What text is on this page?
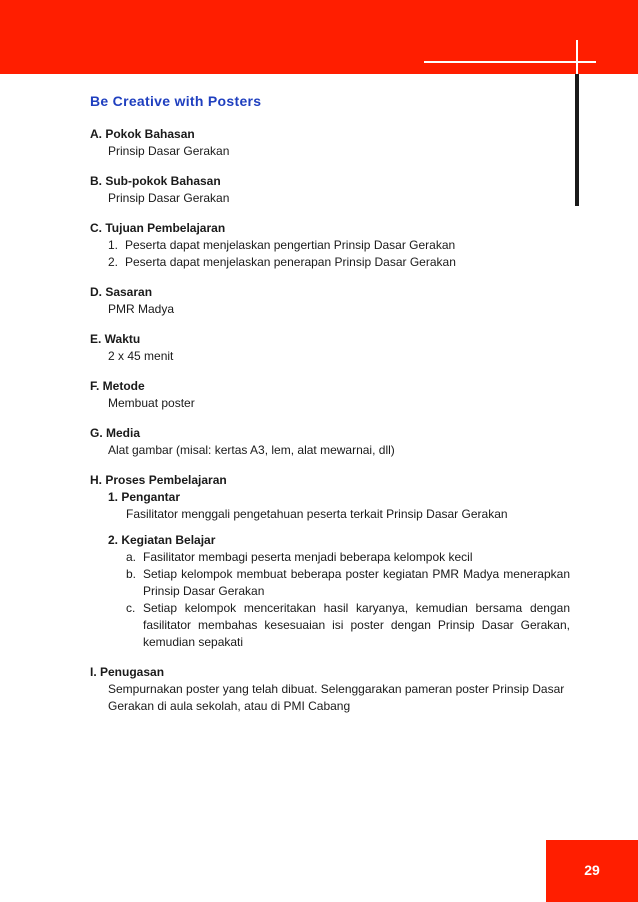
Be Creative with Posters
A. Pokok Bahasan
Prinsip Dasar Gerakan
B. Sub-pokok Bahasan
Prinsip Dasar Gerakan
C. Tujuan Pembelajaran
1. Peserta dapat menjelaskan pengertian Prinsip Dasar Gerakan
2. Peserta dapat menjelaskan penerapan Prinsip Dasar Gerakan
D. Sasaran
PMR Madya
E. Waktu
2 x 45 menit
F. Metode
Membuat poster
G. Media
Alat gambar (misal: kertas A3, lem, alat mewarnai, dll)
H. Proses Pembelajaran
1. Pengantar
Fasilitator menggali pengetahuan peserta terkait Prinsip Dasar Gerakan
2. Kegiatan Belajar
a. Fasilitator membagi peserta menjadi beberapa kelompok kecil
b. Setiap kelompok membuat beberapa poster kegiatan PMR Madya menerapkan Prinsip Dasar Gerakan
c. Setiap kelompok menceritakan hasil karyanya, kemudian bersama dengan fasilitator membahas kesesuaian isi poster dengan Prinsip Dasar Gerakan, kemudian sepakati
I. Penugasan
Sempurnakan poster yang telah dibuat. Selenggarakan pameran poster Prinsip Dasar Gerakan di aula sekolah, atau di PMI Cabang
29
